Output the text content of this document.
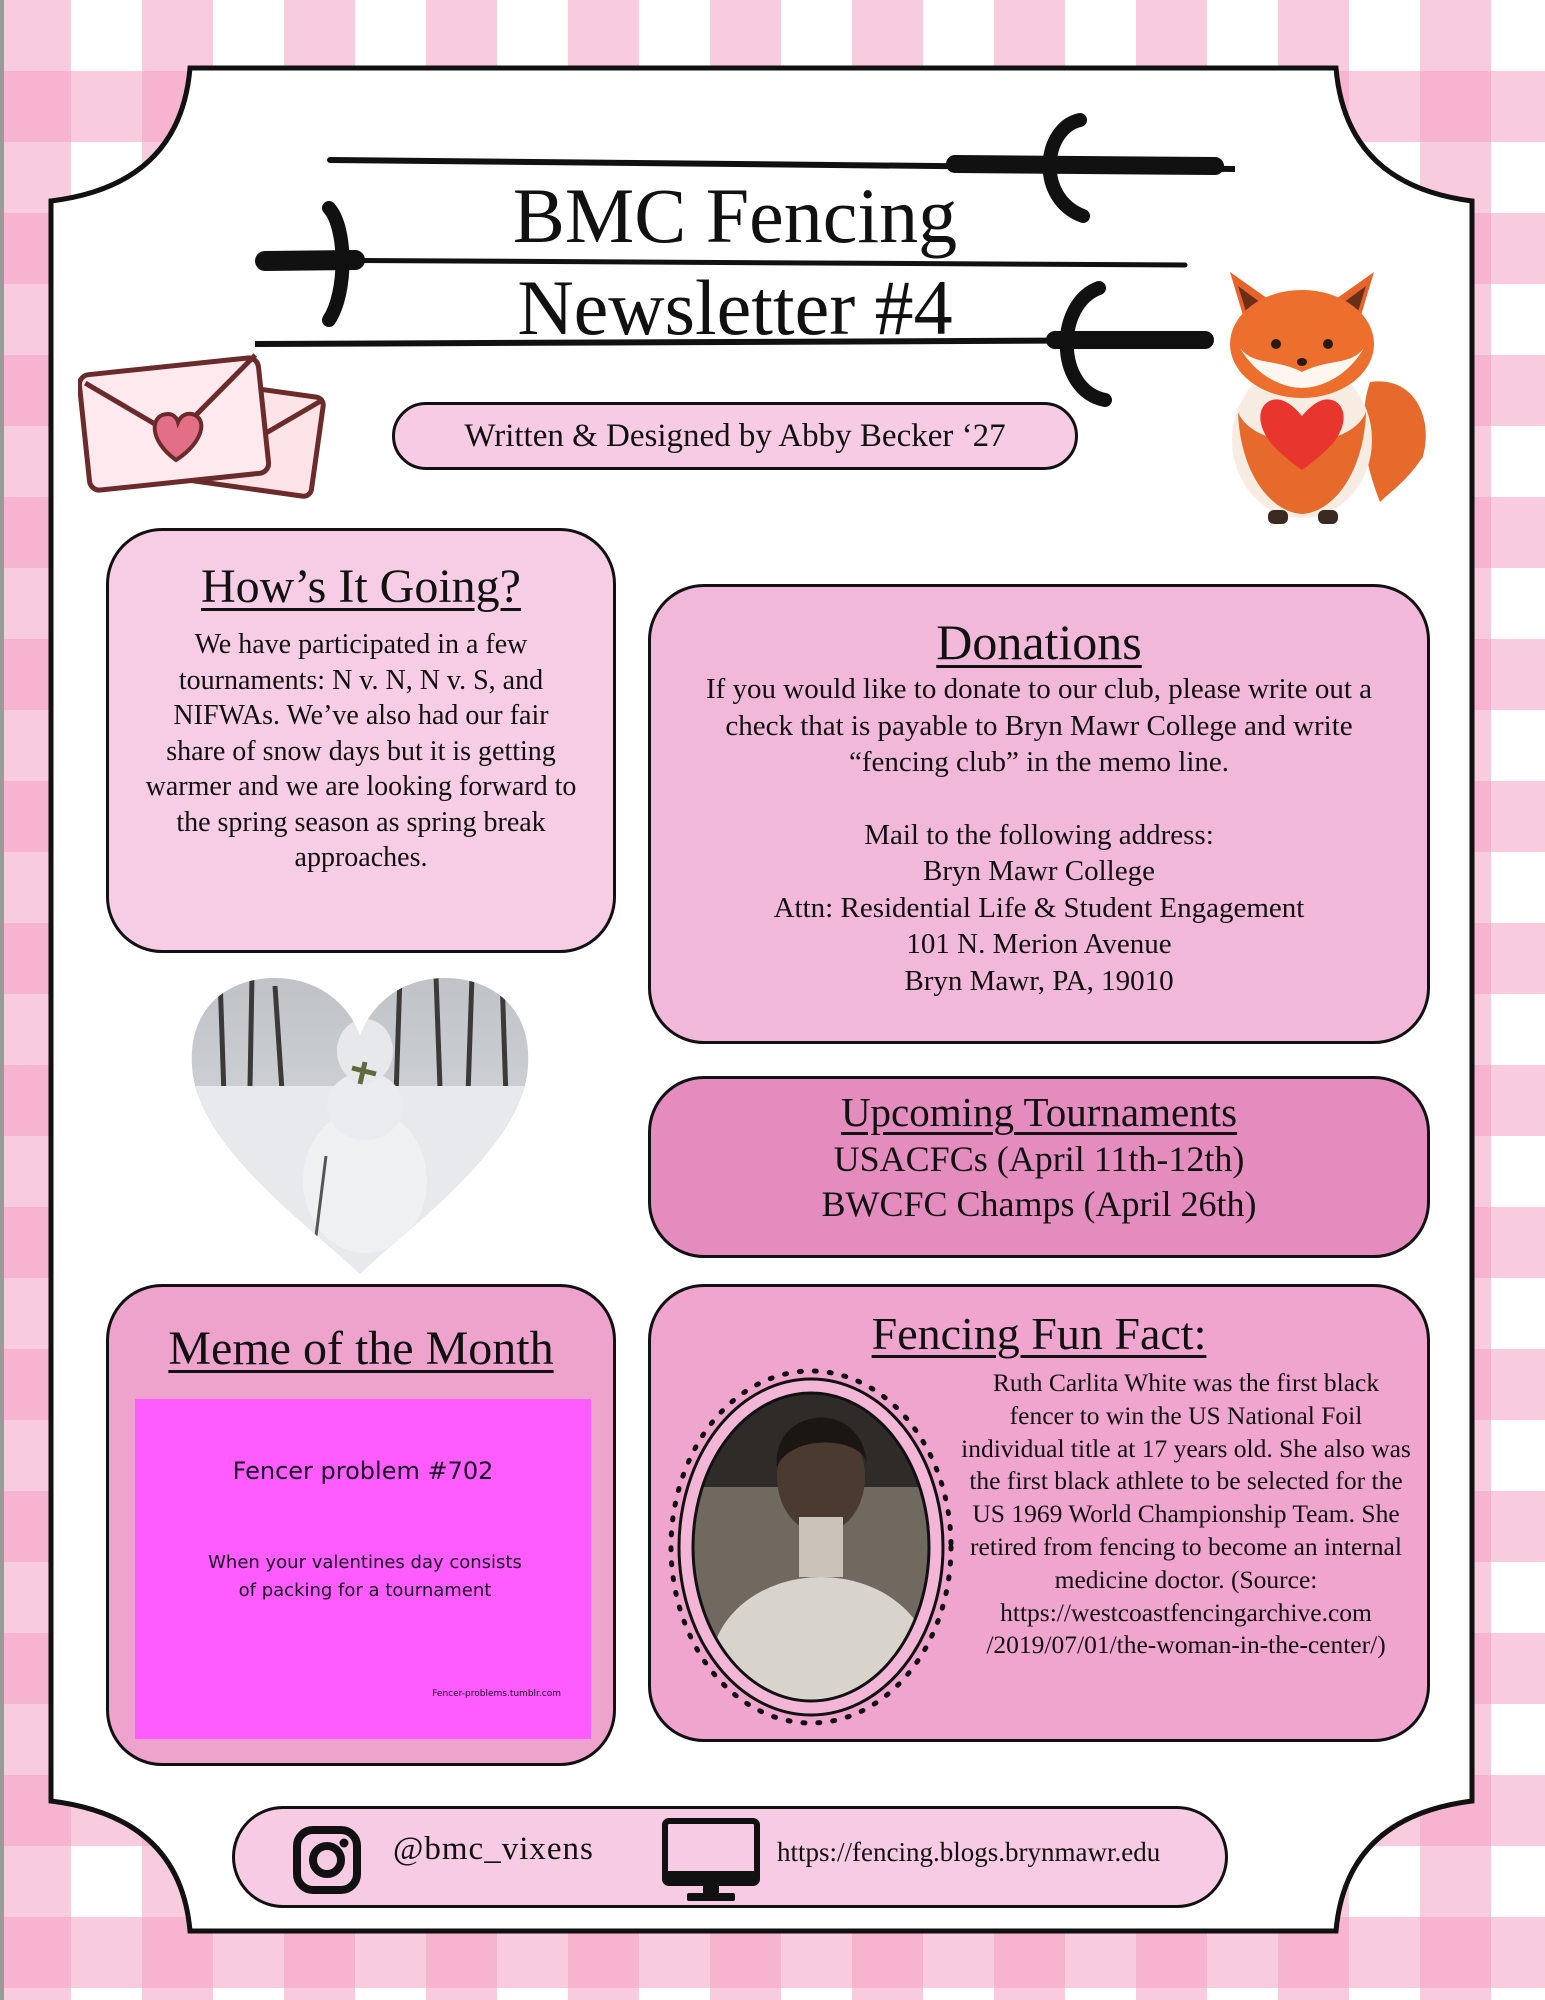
BMC Fencing
Newsletter #4
Written & Designed by Abby Becker ‘27
How’s It Going?

We have participated in a few tournaments: N v. N, N v. S, and NIFWAs. We’ve also had our fair share of snow days but it is getting warmer and we are looking forward to the spring season as spring break approaches.

Donations

If you would like to donate to our club, please write out a check that is payable to Bryn Mawr College and write “fencing club” in the memo line.

Mail to the following address:

Bryn Mawr College

Attn: Residential Life & Student Engagement

101 N. Merion Avenue

Bryn Mawr, PA, 19010

Upcoming Tournaments

USACFCs (April 11th-12th)

BWCFC Champs (April 26th)

Meme of the Month
Fencer problem #702
When your valentines day consists of packing for a tournament
Fencer-problems.tumblr.com
Fencing Fun Fact:

Ruth Carlita White was the first black fencer to win the US National Foil individual title at 17 years old. She also was the first black athlete to be selected for the US 1969 World Championship Team. She retired from fencing to become an internal medicine doctor. (Source: https://westcoastfencingarchive.com /2019/07/01/the-woman-in-the-center/)

@bmc_vixens	https://fencing.blogs.brynmawr.edu
